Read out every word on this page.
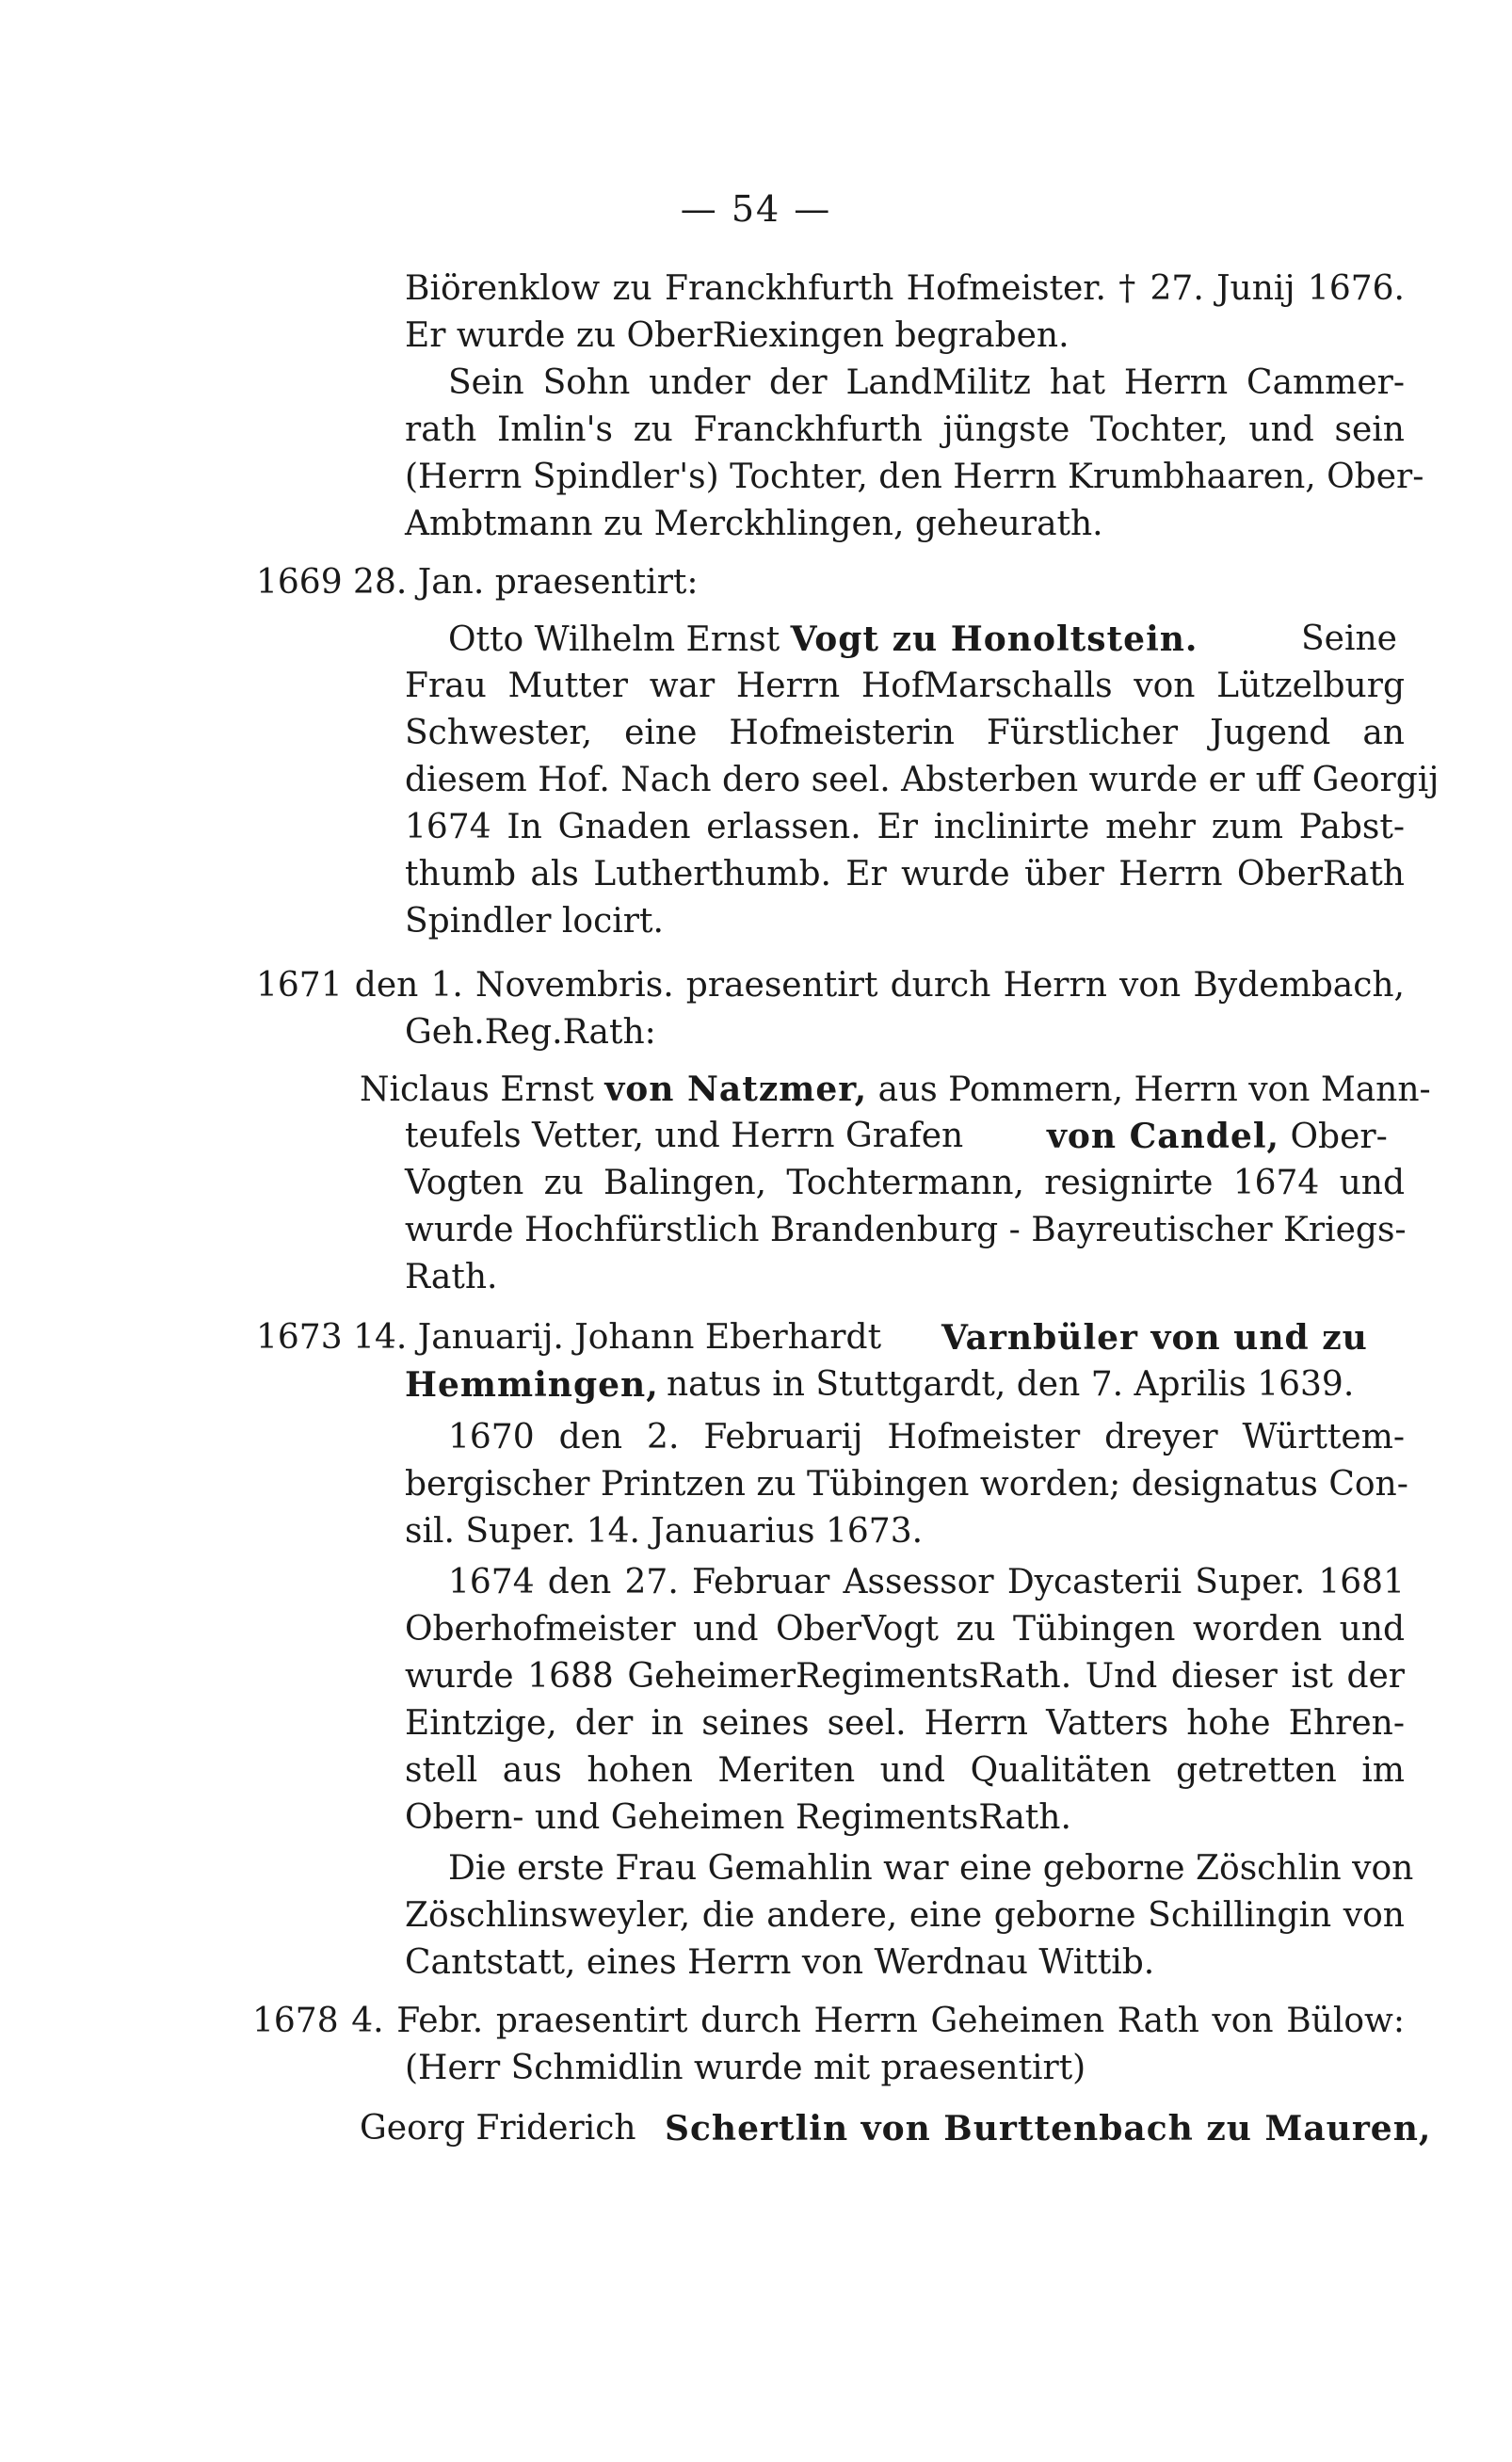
— 54 —
Biörenklow zu Franckhfurth Hofmeister. † 27. Junij 1676.
Er wurde zu OberRiexingen begraben.
Sein Sohn under der LandMilitz hat Herrn Cammer-
rath Imlin's zu Franckhfurth jüngste Tochter, und sein
(Herrn Spindler's) Tochter, den Herrn Krumbhaaren, Ober-
Ambtmann zu Merckhlingen, geheurath.
1669 28. Jan. praesentirt:
Otto Wilhelm Ernst Vogt zu Honoltstein.	Seine
Frau Mutter war Herrn HofMarschalls von Lützelburg
Schwester, eine Hofmeisterin Fürstlicher Jugend an
diesem Hof. Nach dero seel. Absterben wurde er uff Georgij
1674 In Gnaden erlassen. Er inclinirte mehr zum Pabst-
thumb als Lutherthumb. Er wurde über Herrn OberRath
Spindler locirt.
1671 den 1. Novembris. praesentirt durch Herrn von Bydembach,
Geh.Reg.Rath:
Niclaus Ernst von Natzmer, aus Pommern, Herrn von Mann-
teufels Vetter, und Herrn Grafen von Candel, Ober-
Vogten zu Balingen, Tochtermann, resignirte 1674 und
wurde Hochfürstlich Brandenburg - Bayreutischer Kriegs-
Rath.
1673 14. Januarij. Johann Eberhardt Varnbüler von und zu
Hemmingen, natus in Stuttgardt, den 7. Aprilis 1639.
1670 den 2. Februarij Hofmeister dreyer Württem-
bergischer Printzen zu Tübingen worden; designatus Con-
sil. Super. 14. Januarius 1673.
1674 den 27. Februar Assessor Dycasterii Super. 1681
Oberhofmeister und OberVogt zu Tübingen worden und
wurde 1688 GeheimerRegimentsRath. Und dieser ist der
Eintzige, der in seines seel. Herrn Vatters hohe Ehren-
stell aus hohen Meriten und Qualitäten getretten im
Obern- und Geheimen RegimentsRath.
Die erste Frau Gemahlin war eine geborne Zöschlin von
Zöschlinsweyler, die andere, eine geborne Schillingin von
Cantstatt, eines Herrn von Werdnau Wittib.
1678 4. Febr. praesentirt durch Herrn Geheimen Rath von Bülow:
(Herr Schmidlin wurde mit praesentirt)
Georg Friderich Schertlin von Burttenbach zu Mauren,
